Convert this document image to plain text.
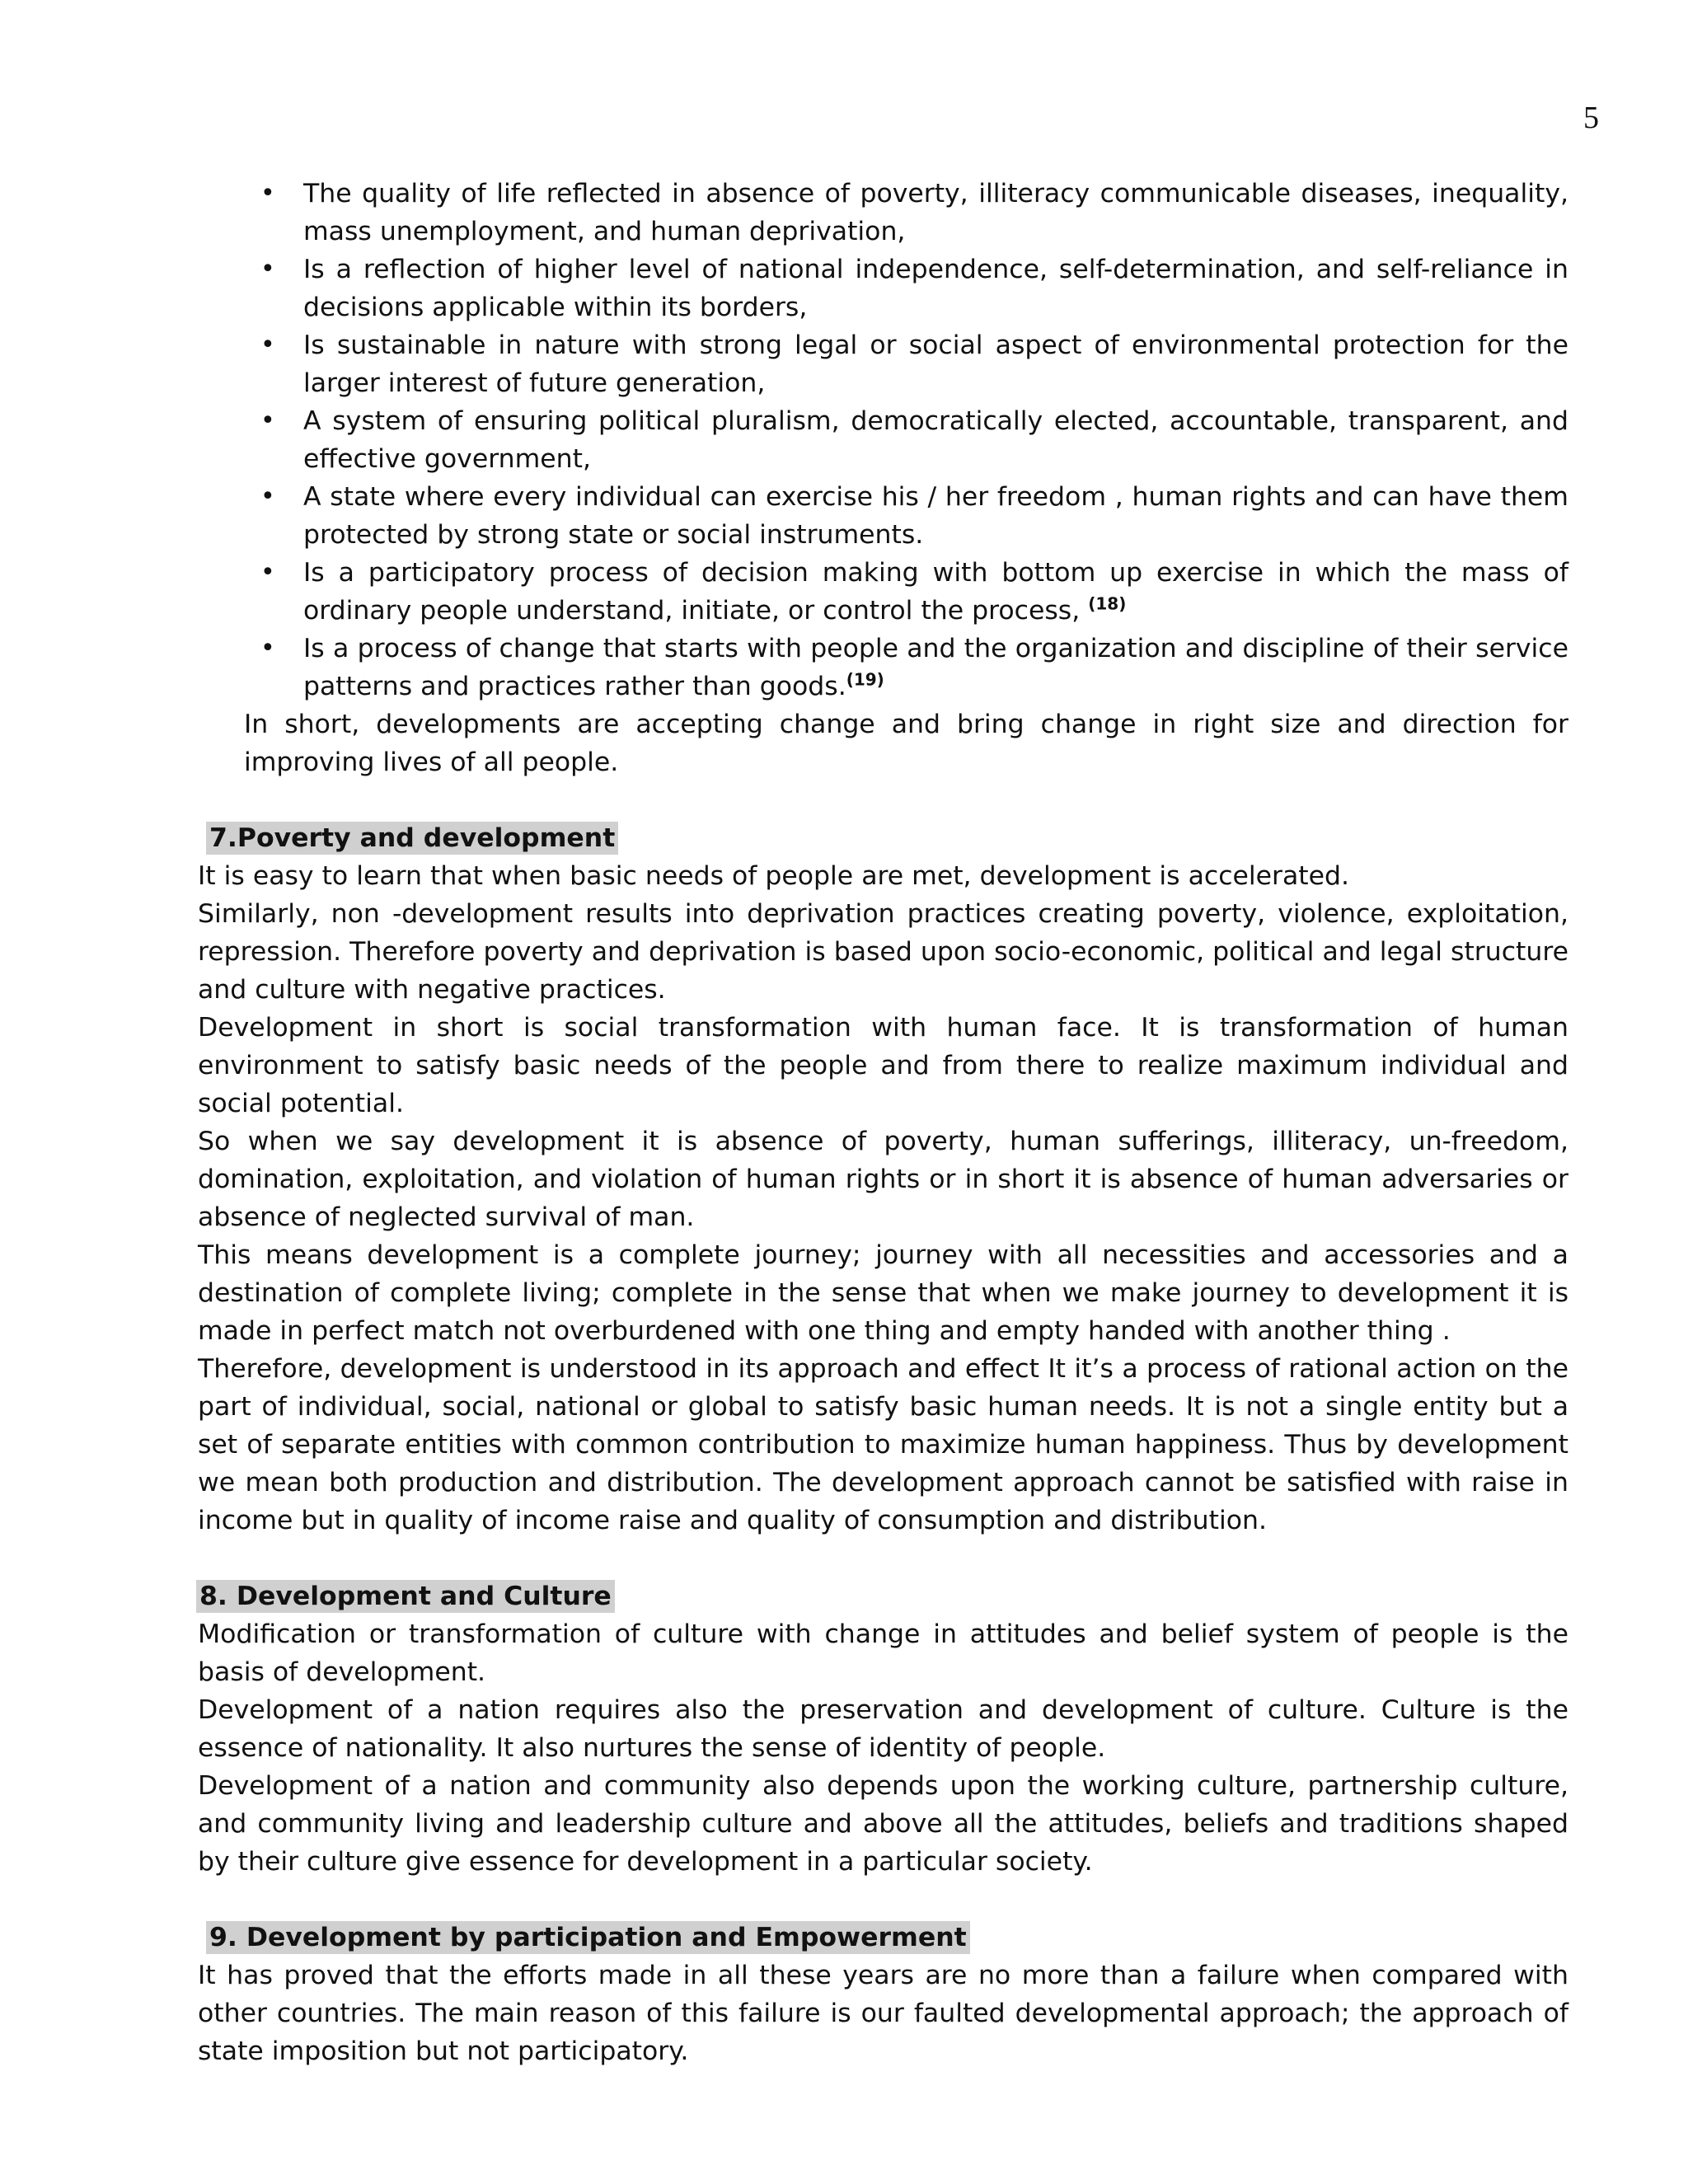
5
• The quality of life reflected in absence of poverty, illiteracy communicable diseases, inequality, mass unemployment, and human deprivation,
• Is a reflection of higher level of national independence, self-determination, and self-reliance in decisions applicable within its borders,
• Is sustainable in nature with strong legal or social aspect of environmental protection for the larger interest of future generation,
• A system of ensuring political pluralism, democratically elected, accountable, transparent, and effective government,
• A state where every individual can exercise his / her freedom , human rights and can have them protected by strong state or social instruments.
• Is a participatory process of decision making with bottom up exercise in which the mass of ordinary people understand, initiate, or control the process, $^{(18)}$
• Is a process of change that starts with people and the organization and discipline of their service patterns and practices rather than goods.$^{(19)}$

In short, developments are accepting change and bring change in right size and direction for improving lives of all people.

7.Poverty and development

It is easy to learn that when basic needs of people are met, development is accelerated.

Similarly, non -development results into deprivation practices creating poverty, violence, exploitation, repression. Therefore poverty and deprivation is based upon socio-economic, political and legal structure and culture with negative practices.

Development in short is social transformation with human face. It is transformation of human environment to satisfy basic needs of the people and from there to realize maximum individual and social potential.

So when we say development it is absence of poverty, human sufferings, illiteracy, un-freedom, domination, exploitation, and violation of human rights or in short it is absence of human adversaries or absence of neglected survival of man.

This means development is a complete journey; journey with all necessities and accessories and a destination of complete living; complete in the sense that when we make journey to development it is made in perfect match not overburdened with one thing and empty handed with another thing .

Therefore, development is understood in its approach and effect It it’s a process of rational action on the part of individual, social, national or global to satisfy basic human needs. It is not a single entity but a set of separate entities with common contribution to maximize human happiness. Thus by development we mean both production and distribution. The development approach cannot be satisfied with raise in income but in quality of income raise and quality of consumption and distribution.

8. Development and Culture

Modification or transformation of culture with change in attitudes and belief system of people is the basis of development.

Development of a nation requires also the preservation and development of culture. Culture is the essence of nationality. It also nurtures the sense of identity of people.

Development of a nation and community also depends upon the working culture, partnership culture, and community living and leadership culture and above all the attitudes, beliefs and traditions shaped by their culture give essence for development in a particular society.

9. Development by participation and Empowerment

It has proved that the efforts made in all these years are no more than a failure when compared with other countries. The main reason of this failure is our faulted developmental approach; the approach of state imposition but not participatory.
